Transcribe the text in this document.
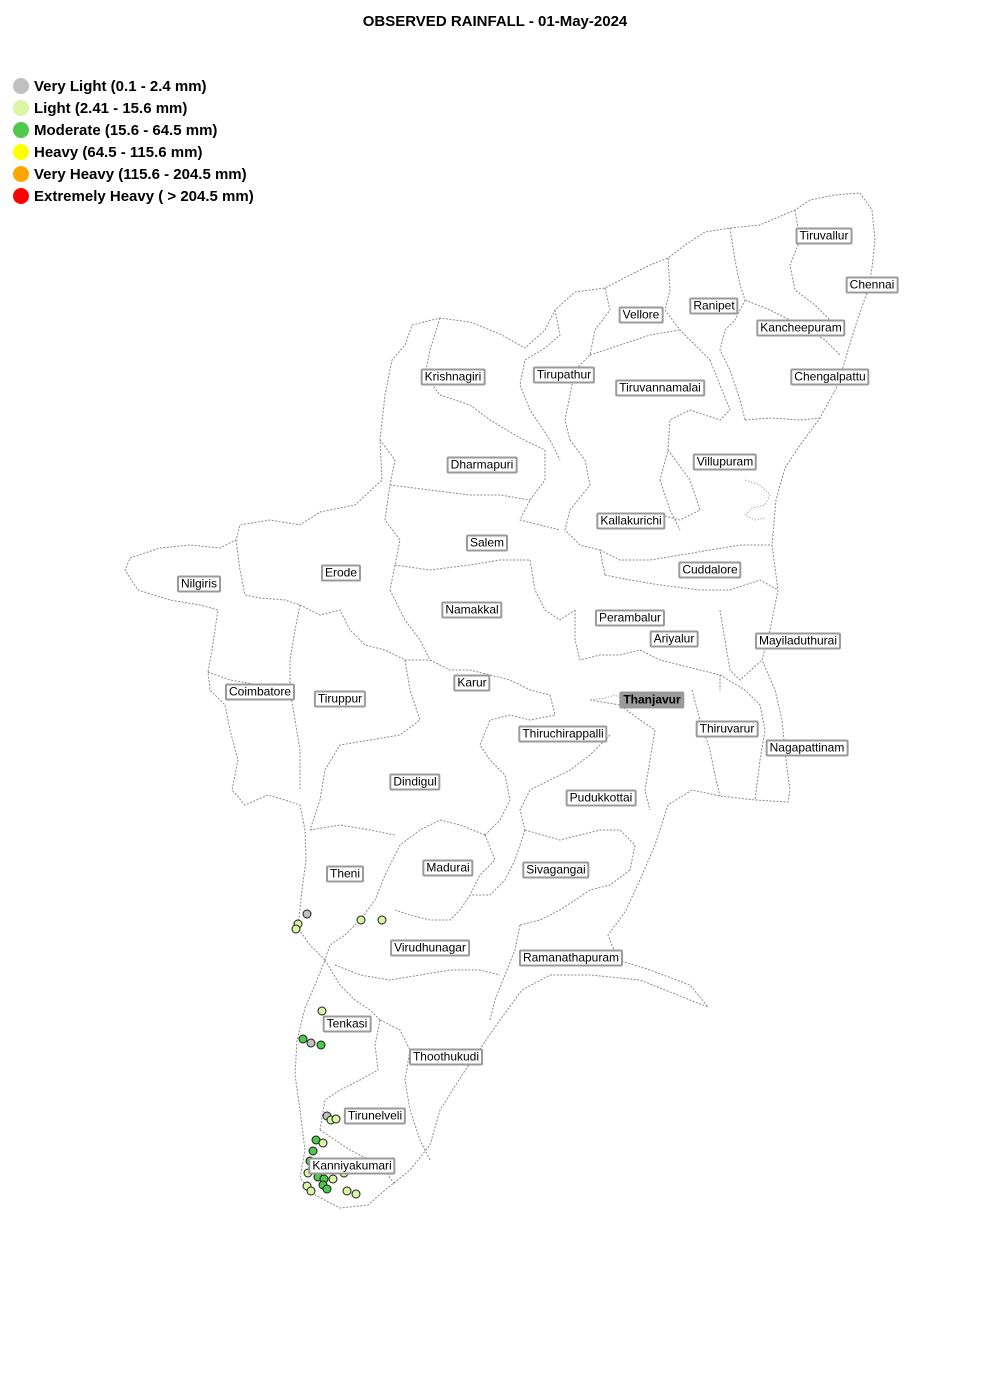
OBSERVED RAINFALL - 01-May-2024
Very Light (0.1 - 2.4 mm)
Light (2.41 - 15.6 mm)
Moderate (15.6 - 64.5 mm)
Heavy (64.5 - 115.6 mm)
Very Heavy (115.6 - 204.5 mm)
Extremely Heavy ( > 204.5 mm)
Tiruvallur
Chennai
Ranipet
Vellore
Kancheepuram
Krishnagiri	Tirupathur	Chengalpattu
Tiruvannamalai
Dharmapuri	Villupuram
Kallakurichi
Salem
Cuddalore
Nilgiris
Erode
Namakkal
Perambalur
Ariyalur	Mayiladuthurai
Karur
Coimbatore	Tiruppur	Thanjavur
Thiruvarur
Thiruchirappalli
Nagapattinam
Dindigul
Pudukkottai
Theni	Madurai	Sivagangai
Virudhunagar
Ramanathapuram
Tenkasi
Thoothukudi
Tirunelveli
Kanniyakumari
